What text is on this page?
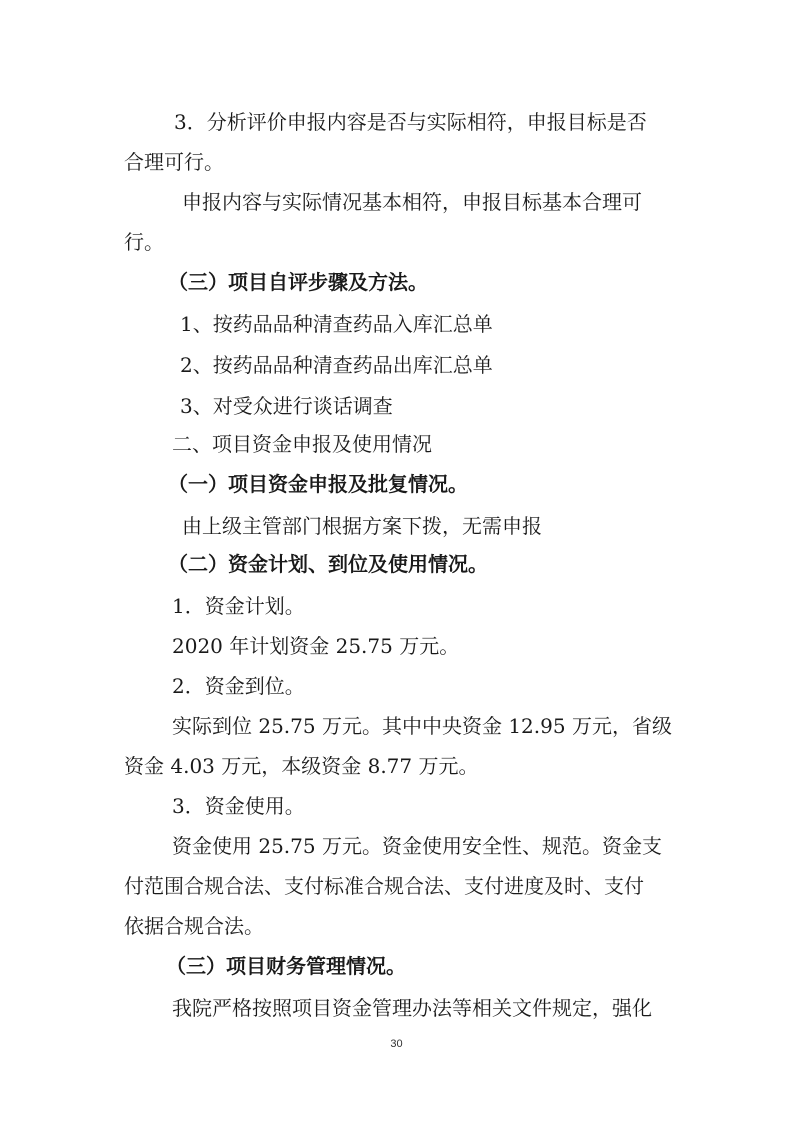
3．分析评价申报内容是否与实际相符，申报目标是否
合理可行。
申报内容与实际情况基本相符，申报目标基本合理可
行。
（三）项目自评步骤及方法。
1、按药品品种清查药品入库汇总单
2、按药品品种清查药品出库汇总单
3、对受众进行谈话调查
二、项目资金申报及使用情况
（一）项目资金申报及批复情况。
由上级主管部门根据方案下拨，无需申报
（二）资金计划、到位及使用情况。
1．资金计划。
2020 年计划资金 25.75 万元。
2．资金到位。
实际到位 25.75 万元。其中中央资金 12.95 万元，省级
资金 4.03 万元，本级资金 8.77 万元。
3．资金使用。
资金使用 25.75 万元。资金使用安全性、规范。资金支
付范围合规合法、支付标准合规合法、支付进度及时、支付
依据合规合法。
（三）项目财务管理情况。
我院严格按照项目资金管理办法等相关文件规定，强化
30
